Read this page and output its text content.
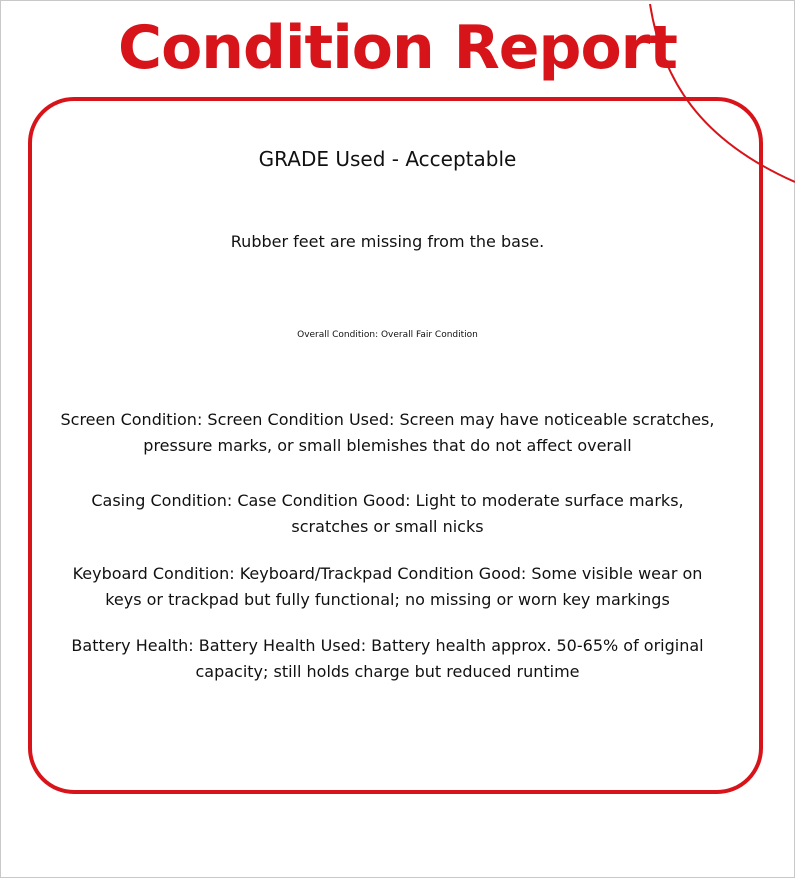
Condition Report

GRADE Used - Acceptable

Rubber feet are missing from the base.

Overall Condition: Overall Fair Condition

Screen Condition: Screen Condition Used: Screen may have noticeable scratches, pressure marks, or small blemishes that do not affect overall

Casing Condition: Case Condition Good: Light to moderate surface marks, scratches or small nicks

Keyboard Condition: Keyboard/Trackpad Condition Good: Some visible wear on keys or trackpad but fully functional; no missing or worn key markings

Battery Health: Battery Health Used: Battery health approx. 50-65% of original capacity; still holds charge but reduced runtime
